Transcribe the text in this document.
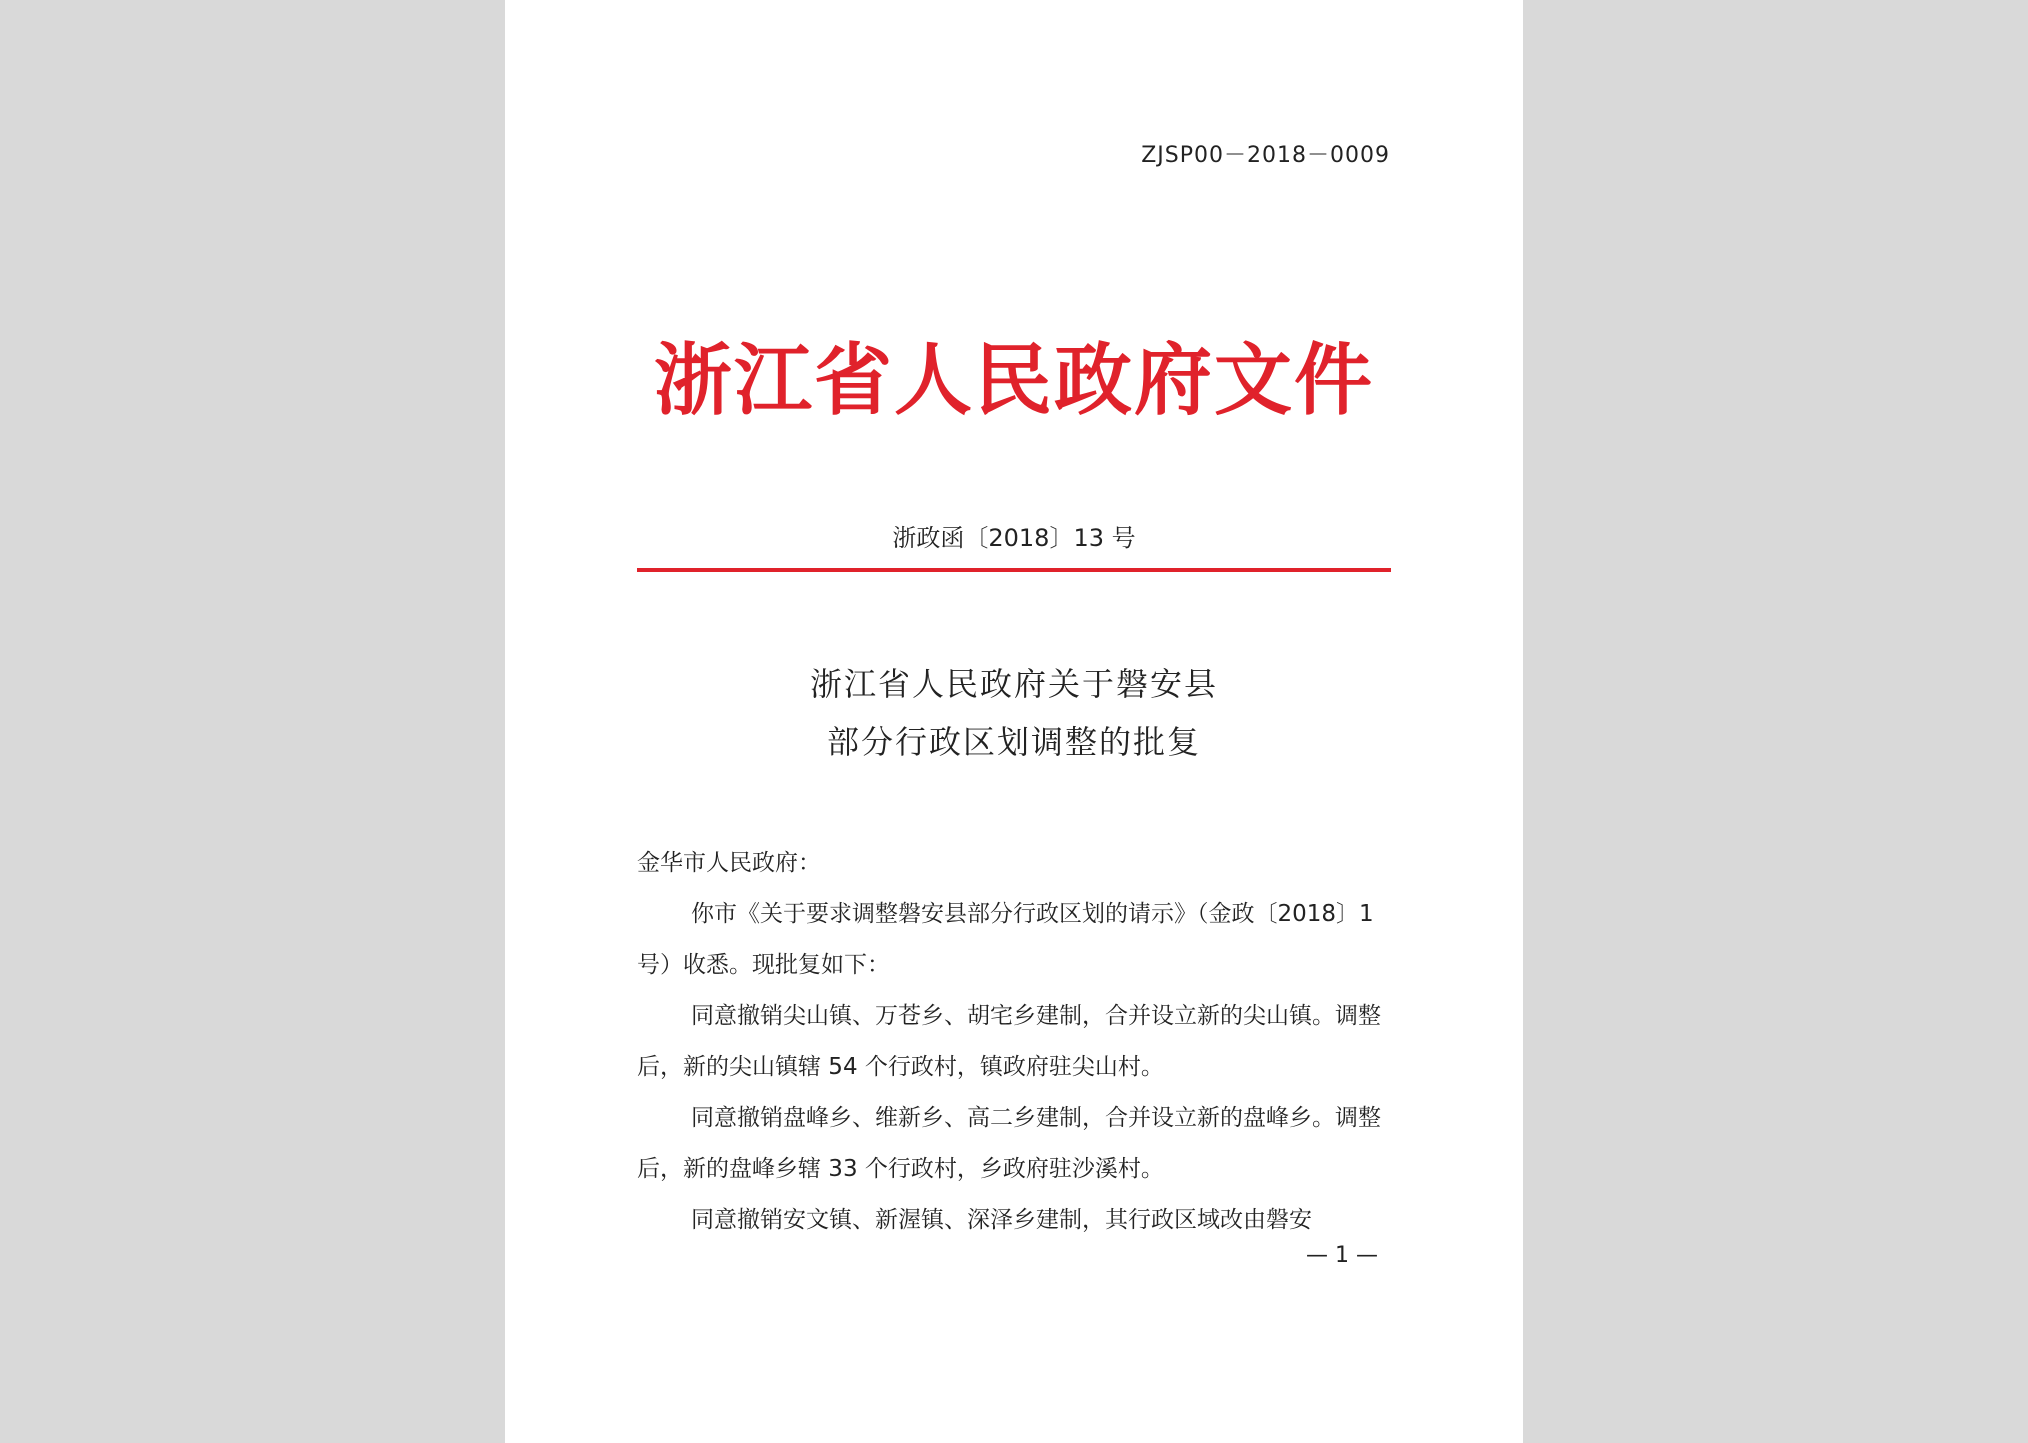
ZJSP00－2018－0009
浙江省人民政府文件
浙政函〔2018〕13 号
浙江省人民政府关于磐安县
部分行政区划调整的批复

金华市人民政府：

你市《关于要求调整磐安县部分行政区划的请示》（金政〔2018〕1 号）收悉。现批复如下：

同意撤销尖山镇、万苍乡、胡宅乡建制，合并设立新的尖山镇。调整后，新的尖山镇辖 54 个行政村，镇政府驻尖山村。

同意撤销盘峰乡、维新乡、高二乡建制，合并设立新的盘峰乡。调整后，新的盘峰乡辖 33 个行政村，乡政府驻沙溪村。

同意撤销安文镇、新渥镇、深泽乡建制，其行政区域改由磐安

— 1 —
